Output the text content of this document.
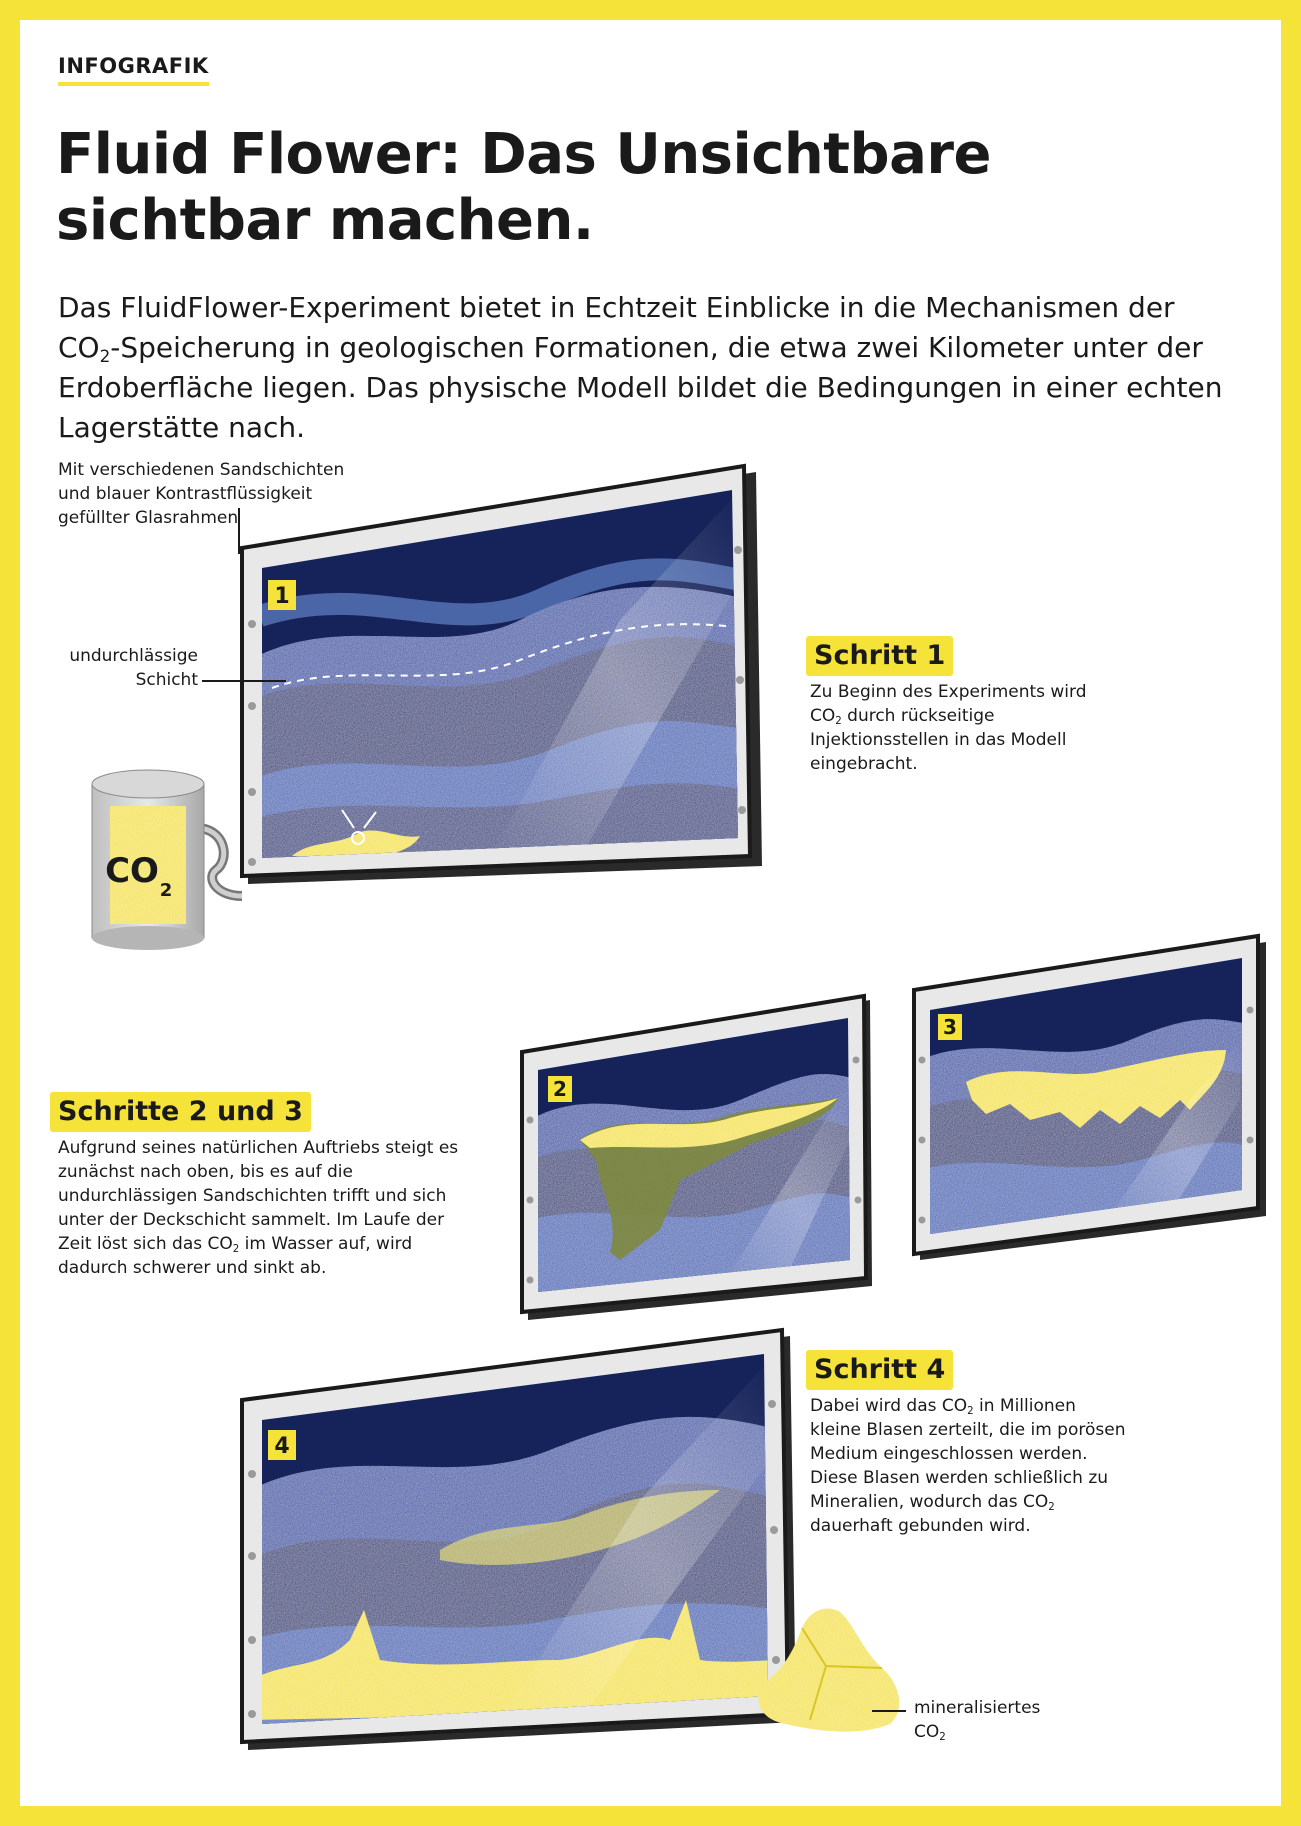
INFOGRAFIK
Fluid Flower: Das Unsichtbare
sichtbar machen.
Das FluidFlower-Experiment bietet in Echtzeit Einblicke in die Mechanismen der $CO_2$-Speicherung in geologischen Formationen, die etwa zwei Kilometer unter der Erdoberfläche liegen. Das physische Modell bildet die Bedingungen in einer echten Lagerstätte nach.
1
CO 2
2
3
4
Mit verschiedenen Sandschichten und blauer Kontrastflüssigkeit gefüllter Glasrahmen
undurchlässige
Schicht
mineralisiertes
$CO_2$
Schritt 1
Zu Beginn des Experiments wird $CO_2$ durch rückseitige Injektionsstellen in das Modell eingebracht.
Schritte 2 und 3
Aufgrund seines natürlichen Auftriebs steigt es zunächst nach oben, bis es auf die undurchlässigen Sandschichten trifft und sich unter der Deckschicht sammelt. Im Laufe der Zeit löst sich das $CO_2$ im Wasser auf, wird dadurch schwerer und sinkt ab.
Schritt 4
Dabei wird das $CO_2$ in Millionen kleine Blasen zerteilt, die im porösen Medium eingeschlossen werden. Diese Blasen werden schließlich zu Mineralien, wodurch das $CO_2$ dauerhaft gebunden wird.
